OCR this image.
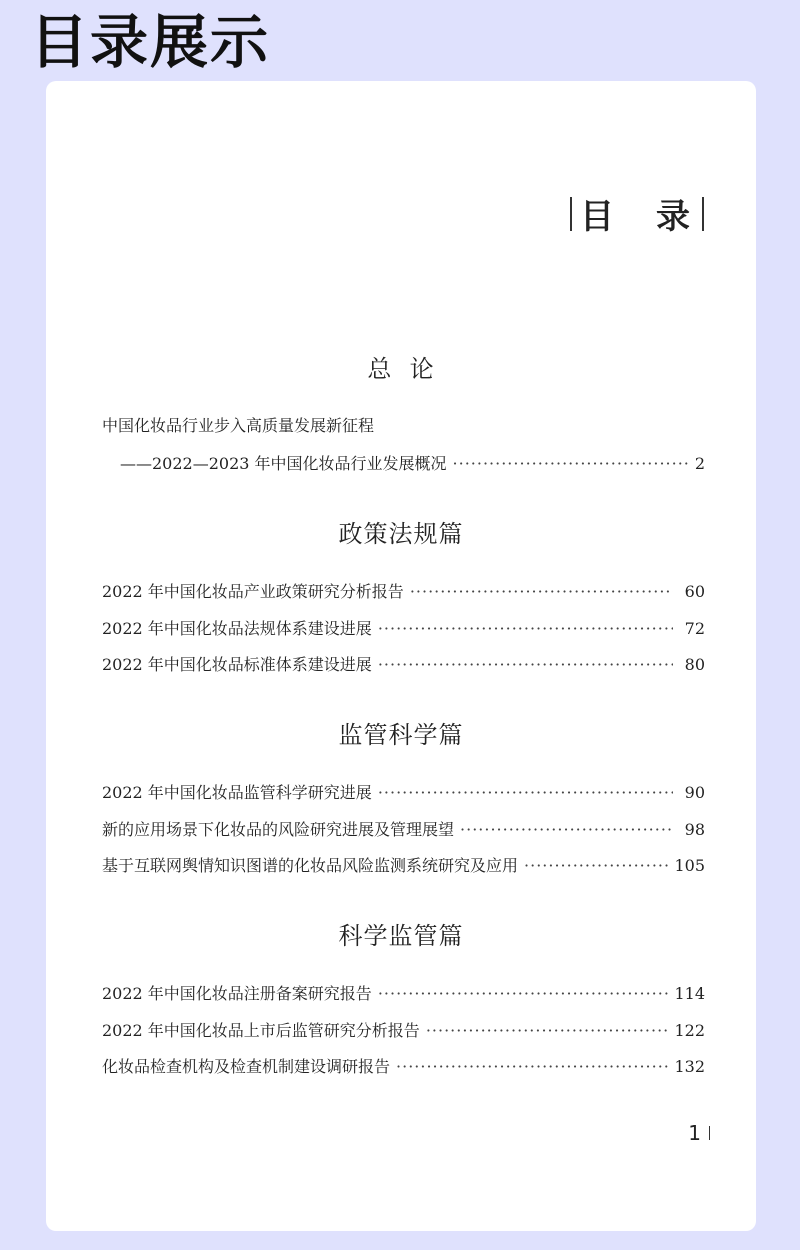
目录展示
目 录
总  论
中国化妆品行业步入高质量发展新征程
——2022—2023 年中国化妆品行业发展概况 ·····	2
政策法规篇
2022 年中国化妆品产业政策研究分析报告 ·····	60
2022 年中国化妆品法规体系建设进展 ·····	72
2022 年中国化妆品标准体系建设进展 ·····	80
监管科学篇
2022 年中国化妆品监管科学研究进展 ·····	90
新的应用场景下化妆品的风险研究进展及管理展望 ·····	98
基于互联网舆情知识图谱的化妆品风险监测系统研究及应用 ·····	105
科学监管篇
2022 年中国化妆品注册备案研究报告 ·····	114
2022 年中国化妆品上市后监管研究分析报告 ·····	122
化妆品检查机构及检查机制建设调研报告 ·····	132
1
